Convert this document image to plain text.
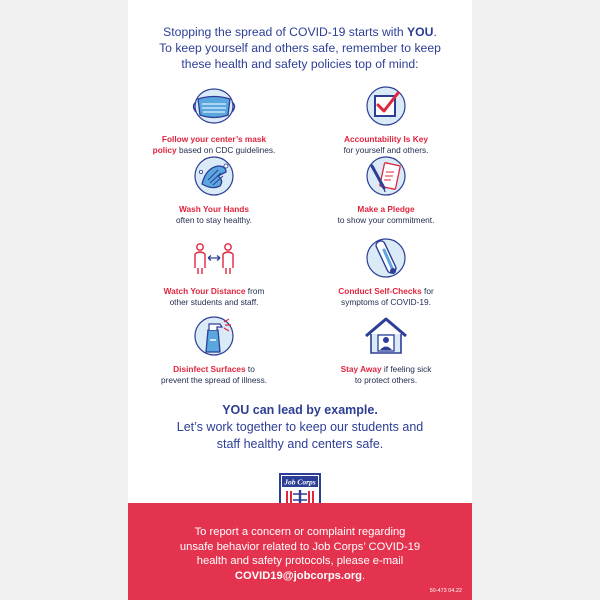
Stopping the spread of COVID-19 starts with YOU.
To keep yourself and others safe, remember to keep
these health and safety policies top of mind:
Follow your center’s mask
policy based on CDC guidelines.
Accountability Is Key
for yourself and others.
Wash Your Hands
often to stay healthy.
Make a Pledge
to show your commitment.
Watch Your Distance from
other students and staff.
Conduct Self-Checks for
symptoms of COVID-19.
Disinfect Surfaces to
prevent the spread of illness.
Stay Away if feeling sick
to protect others.
YOU can lead by example.
Let’s work together to keep our students and
staff healthy and centers safe.
Job Corps
To report a concern or complaint regarding
unsafe behavior related to Job Corps’ COVID-19
health and safety protocols, please e-mail
COVID19@jobcorps.org.
50-473 04.22
